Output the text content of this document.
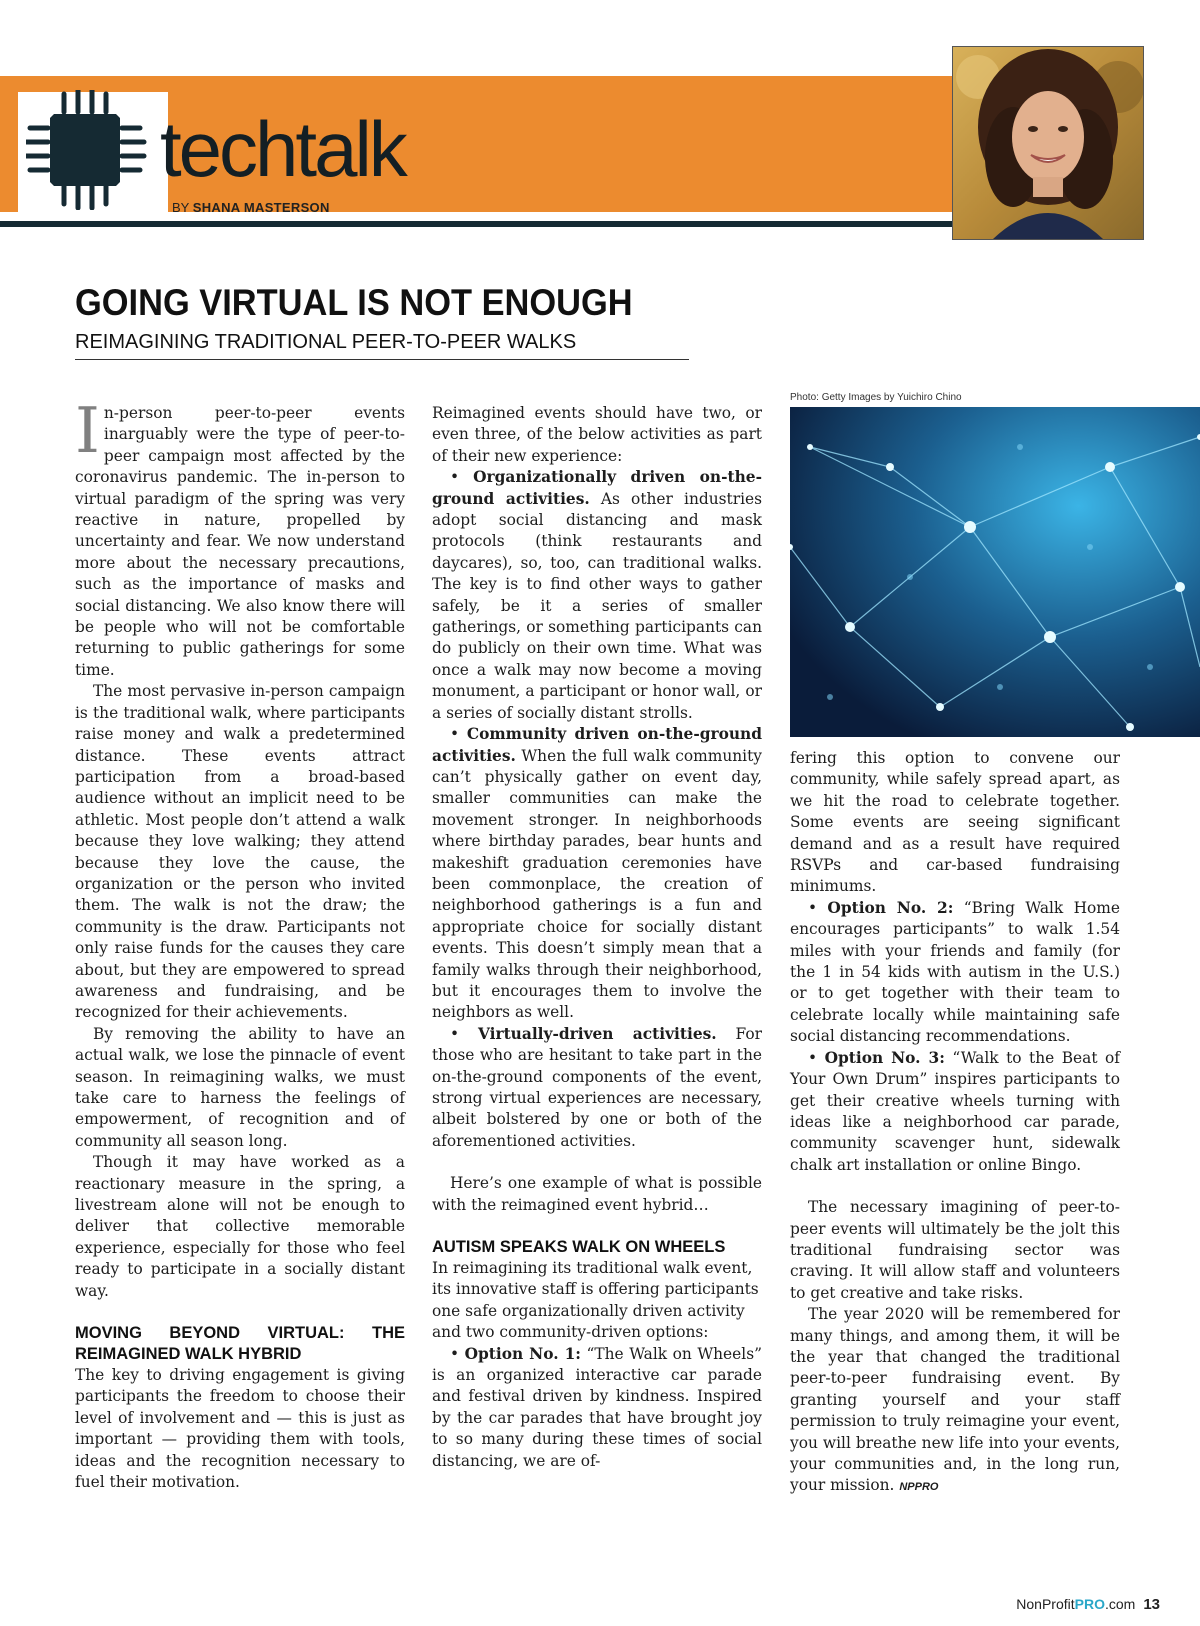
techtalk
BY SHANA MASTERSON
GOING VIRTUAL IS NOT ENOUGH
REIMAGINING TRADITIONAL PEER-TO-PEER WALKS
Photo: Getty Images by Yuichiro Chino

In-person peer-to-peer events inarguably were the type of peer-to-peer campaign most affected by the coronavirus pandemic. The in-person to virtual paradigm of the spring was very reactive in nature, propelled by uncertainty and fear. We now understand more about the necessary precautions, such as the importance of masks and social distancing. We also know there will be people who will not be comfortable returning to public gatherings for some time.

The most pervasive in-person campaign is the traditional walk, where participants raise money and walk a predetermined distance. These events attract participation from a broad-based audience without an implicit need to be athletic. Most people don’t attend a walk because they love walking; they attend because they love the cause, the organization or the person who invited them. The walk is not the draw; the community is the draw. Participants not only raise funds for the causes they care about, but they are empowered to spread awareness and fundraising, and be recognized for their achievements.

By removing the ability to have an actual walk, we lose the pinnacle of event season. In reimagining walks, we must take care to harness the feelings of empowerment, of recognition and of community all season long.

Though it may have worked as a reactionary measure in the spring, a livestream alone will not be enough to deliver that collective memorable experience, especially for those who feel ready to participate in a socially distant way.

MOVING BEYOND VIRTUAL: THE REIMAGINED WALK HYBRID

The key to driving engagement is giving participants the freedom to choose their level of involvement and — this is just as important — providing them with tools, ideas and the recognition necessary to fuel their motivation.

Reimagined events should have two, or even three, of the below activities as part of their new experience:

• Organizationally driven on-the-ground activities. As other industries adopt social distancing and mask protocols (think restaurants and daycares), so, too, can traditional walks. The key is to find other ways to gather safely, be it a series of smaller gatherings, or something participants can do publicly on their own time. What was once a walk may now become a moving monument, a participant or honor wall, or a series of socially distant strolls.

• Community driven on-the-ground activities. When the full walk community can’t physically gather on event day, smaller communities can make the movement stronger. In neighborhoods where birthday parades, bear hunts and makeshift graduation ceremonies have been commonplace, the creation of neighborhood gatherings is a fun and appropriate choice for socially distant events. This doesn’t simply mean that a family walks through their neighborhood, but it encourages them to involve the neighbors as well.

• Virtually-driven activities. For those who are hesitant to take part in the on-the-ground components of the event, strong virtual experiences are necessary, albeit bolstered by one or both of the aforementioned activities.

Here’s one example of what is possible with the reimagined event hybrid…

AUTISM SPEAKS WALK ON WHEELS

In reimagining its traditional walk event, its innovative staff is offering participants one safe organizationally driven activity and two community-driven options:

• Option No. 1: “The Walk on Wheels” is an organized interactive car parade and festival driven by kindness. Inspired by the car parades that have brought joy to so many during these times of social distancing, we are of-

fering this option to convene our community, while safely spread apart, as we hit the road to celebrate together. Some events are seeing significant demand and as a result have required RSVPs and car-based fundraising minimums.

• Option No. 2: “Bring Walk Home encourages participants” to walk 1.54 miles with your friends and family (for the 1 in 54 kids with autism in the U.S.) or to get together with their team to celebrate locally while maintaining safe social distancing recommendations.

• Option No. 3: “Walk to the Beat of Your Own Drum” inspires participants to get their creative wheels turning with ideas like a neighborhood car parade, community scavenger hunt, sidewalk chalk art installation or online Bingo.

The necessary imagining of peer-to-peer events will ultimately be the jolt this traditional fundraising sector was craving. It will allow staff and volunteers to get creative and take risks.

The year 2020 will be remembered for many things, and among them, it will be the year that changed the traditional peer-to-peer fundraising event. By granting yourself and your staff permission to truly reimagine your event, you will breathe new life into your events, your communities and, in the long run, your mission. NPPRO

NonProfitPRO.com 13
